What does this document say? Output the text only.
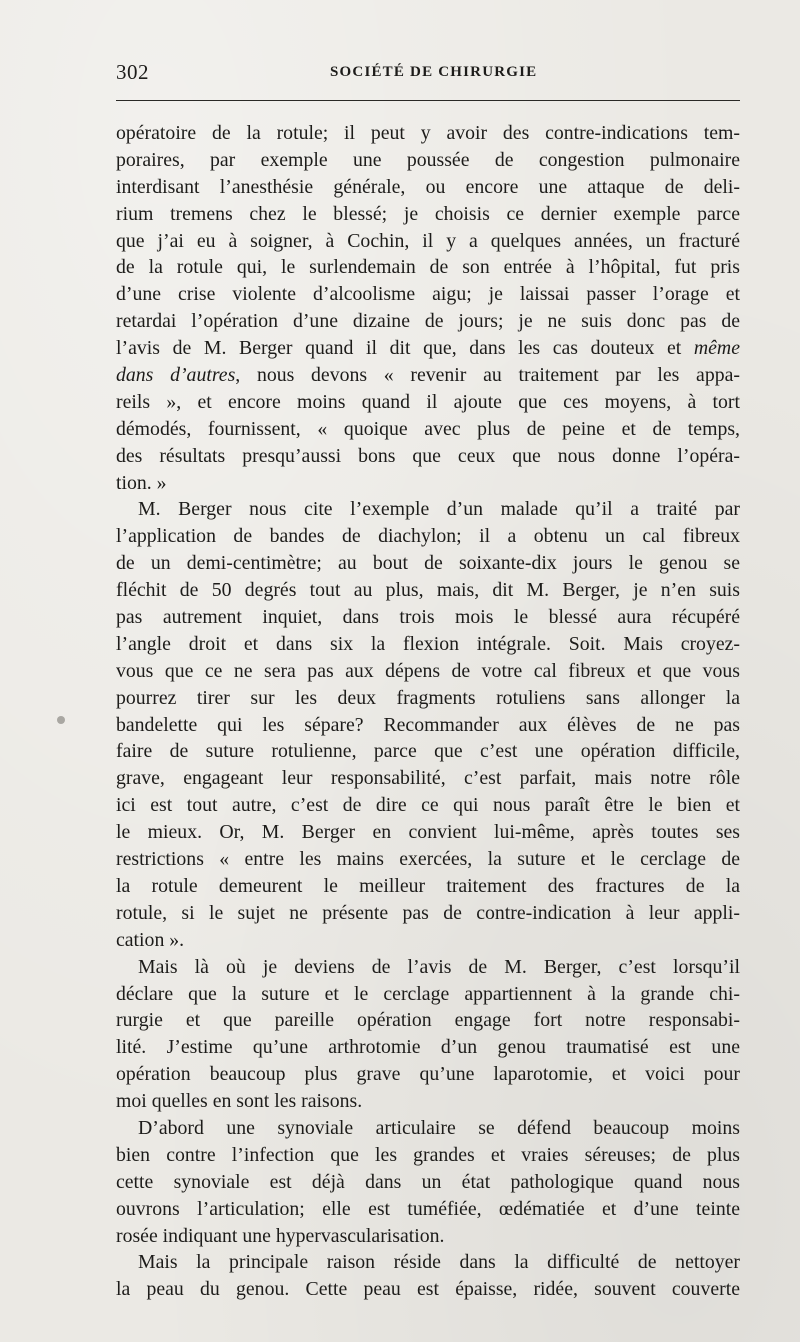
302	SOCIÉTÉ DE CHIRURGIE
opératoire de la rotule; il peut y avoir des contre-indications tem-
poraires, par exemple une poussée de congestion pulmonaire
interdisant l’anesthésie générale, ou encore une attaque de deli-
rium tremens chez le blessé; je choisis ce dernier exemple parce
que j’ai eu à soigner, à Cochin, il y a quelques années, un fracturé
de la rotule qui, le surlendemain de son entrée à l’hôpital, fut pris
d’une crise violente d’alcoolisme aigu; je laissai passer l’orage et
retardai l’opération d’une dizaine de jours; je ne suis donc pas de
l’avis de M. Berger quand il dit que, dans les cas douteux et même
dans d’autres, nous devons « revenir au traitement par les appa-
reils », et encore moins quand il ajoute que ces moyens, à tort
démodés, fournissent, « quoique avec plus de peine et de temps,
des résultats presqu’aussi bons que ceux que nous donne l’opéra-
tion. »
M. Berger nous cite l’exemple d’un malade qu’il a traité par
l’application de bandes de diachylon; il a obtenu un cal fibreux
de un demi-centimètre; au bout de soixante-dix jours le genou se
fléchit de 50 degrés tout au plus, mais, dit M. Berger, je n’en suis
pas autrement inquiet, dans trois mois le blessé aura récupéré
l’angle droit et dans six la flexion intégrale. Soit. Mais croyez-
vous que ce ne sera pas aux dépens de votre cal fibreux et que vous
pourrez tirer sur les deux fragments rotuliens sans allonger la
bandelette qui les sépare? Recommander aux élèves de ne pas
faire de suture rotulienne, parce que c’est une opération difficile,
grave, engageant leur responsabilité, c’est parfait, mais notre rôle
ici est tout autre, c’est de dire ce qui nous paraît être le bien et
le mieux. Or, M. Berger en convient lui-même, après toutes ses
restrictions « entre les mains exercées, la suture et le cerclage de
la rotule demeurent le meilleur traitement des fractures de la
rotule, si le sujet ne présente pas de contre-indication à leur appli-
cation ».
Mais là où je deviens de l’avis de M. Berger, c’est lorsqu’il
déclare que la suture et le cerclage appartiennent à la grande chi-
rurgie et que pareille opération engage fort notre responsabi-
lité. J’estime qu’une arthrotomie d’un genou traumatisé est une
opération beaucoup plus grave qu’une laparotomie, et voici pour
moi quelles en sont les raisons.
D’abord une synoviale articulaire se défend beaucoup moins
bien contre l’infection que les grandes et vraies séreuses; de plus
cette synoviale est déjà dans un état pathologique quand nous
ouvrons l’articulation; elle est tuméfiée, œdématiée et d’une teinte
rosée indiquant une hypervascularisation.
Mais la principale raison réside dans la difficulté de nettoyer
la peau du genou. Cette peau est épaisse, ridée, souvent couverte
